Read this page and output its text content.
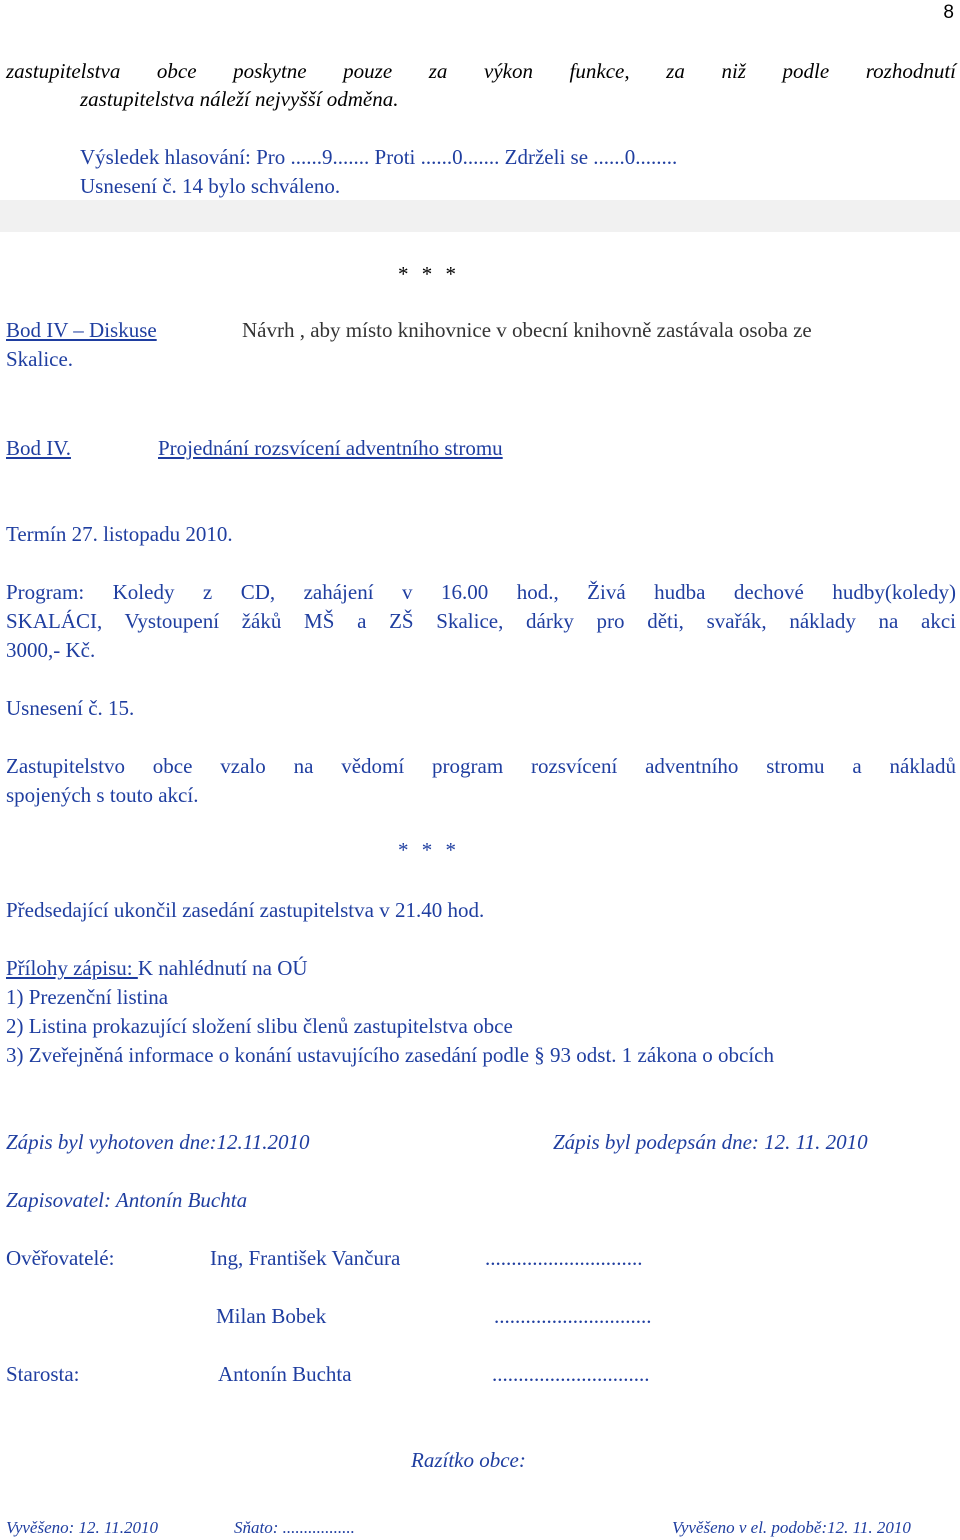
8
zastupitelstva obce poskytne pouze za výkon funkce, za niž podle rozhodnutí
zastupitelstva náleží nejvyšší odměna.
Výsledek hlasování: Pro ......9....... Proti ......0....... Zdrželi se ......0........
Usnesení č. 14 bylo schváleno.
* * *
Bod IV – Diskuse	Návrh , aby místo knihovnice v obecní knihovně zastávala osoba ze
Skalice.
Bod IV.	Projednání rozsvícení adventního stromu
Termín 27. listopadu 2010.
Program: Koledy z CD, zahájení v 16.00 hod., Živá hudba dechové hudby(koledy)
SKALÁCI, Vystoupení žáků MŠ a ZŠ Skalice, dárky pro děti, svařák, náklady na akci
3000,- Kč.
Usnesení č. 15.
Zastupitelstvo obce vzalo na vědomí program rozsvícení adventního stromu a nákladů
spojených s touto akcí.
* * *
Předsedající ukončil zasedání zastupitelstva v 21.40 hod.
Přílohy zápisu: K nahlédnutí na OÚ
1) Prezenční listina
2) Listina prokazující složení slibu členů zastupitelstva obce
3) Zveřejněná informace o konání ustavujícího zasedání podle § 93 odst. 1 zákona o obcích
Zápis byl vyhotoven dne:12.11.2010	Zápis byl podepsán dne: 12. 11. 2010
Zapisovatel: Antonín Buchta
Ověřovatelé:	Ing, František Vančura	..............................
Milan Bobek	..............................
Starosta:	Antonín Buchta	..............................
Razítko obce:
Vyvěšeno: 12. 11.2010	Sňato: .................	Vyvěšeno v el. podobě:12. 11. 2010
